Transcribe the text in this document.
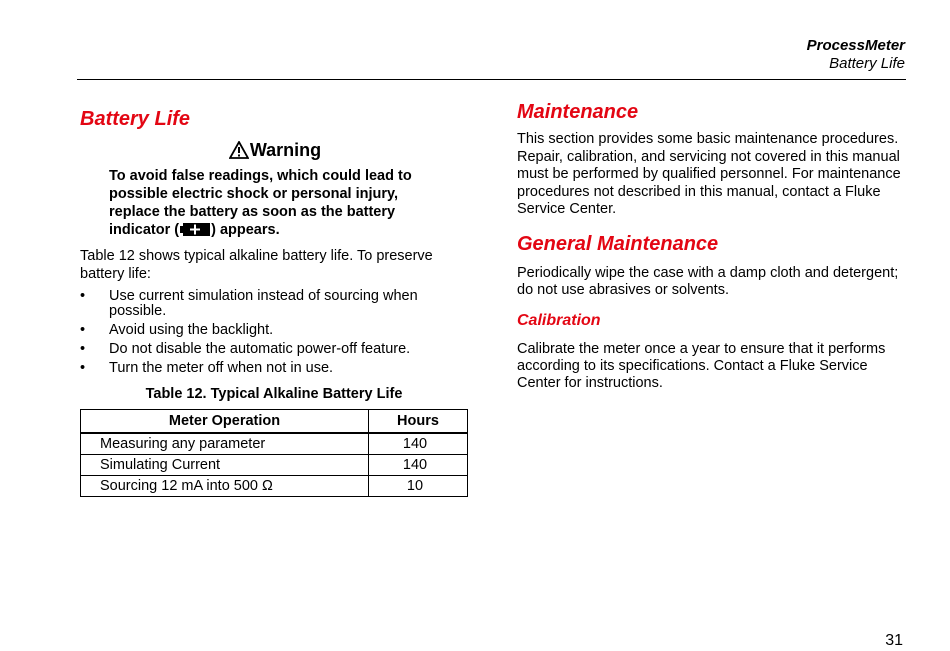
ProcessMeter
Battery Life
Battery Life
Warning
To avoid false readings, which could lead to possible electric shock or personal injury, replace the battery as soon as the battery indicator ( ) appears.

Table 12 shows typical alkaline battery life. To preserve battery life:

• Use current simulation instead of sourcing when possible.
• Avoid using the backlight.
• Do not disable the automatic power-off feature.
• Turn the meter off when not in use.
Table 12. Typical Alkaline Battery Life
Meter Operation	Hours
Measuring any parameter	140
Simulating Current	140
Sourcing 12 mA into 500 Ω	10
Maintenance

This section provides some basic maintenance procedures. Repair, calibration, and servicing not covered in this manual must be performed by qualified personnel. For maintenance procedures not described in this manual, contact a Fluke Service Center.

General Maintenance

Periodically wipe the case with a damp cloth and detergent; do not use abrasives or solvents.

Calibration

Calibrate the meter once a year to ensure that it performs according to its specifications. Contact a Fluke Service Center for instructions.

31
